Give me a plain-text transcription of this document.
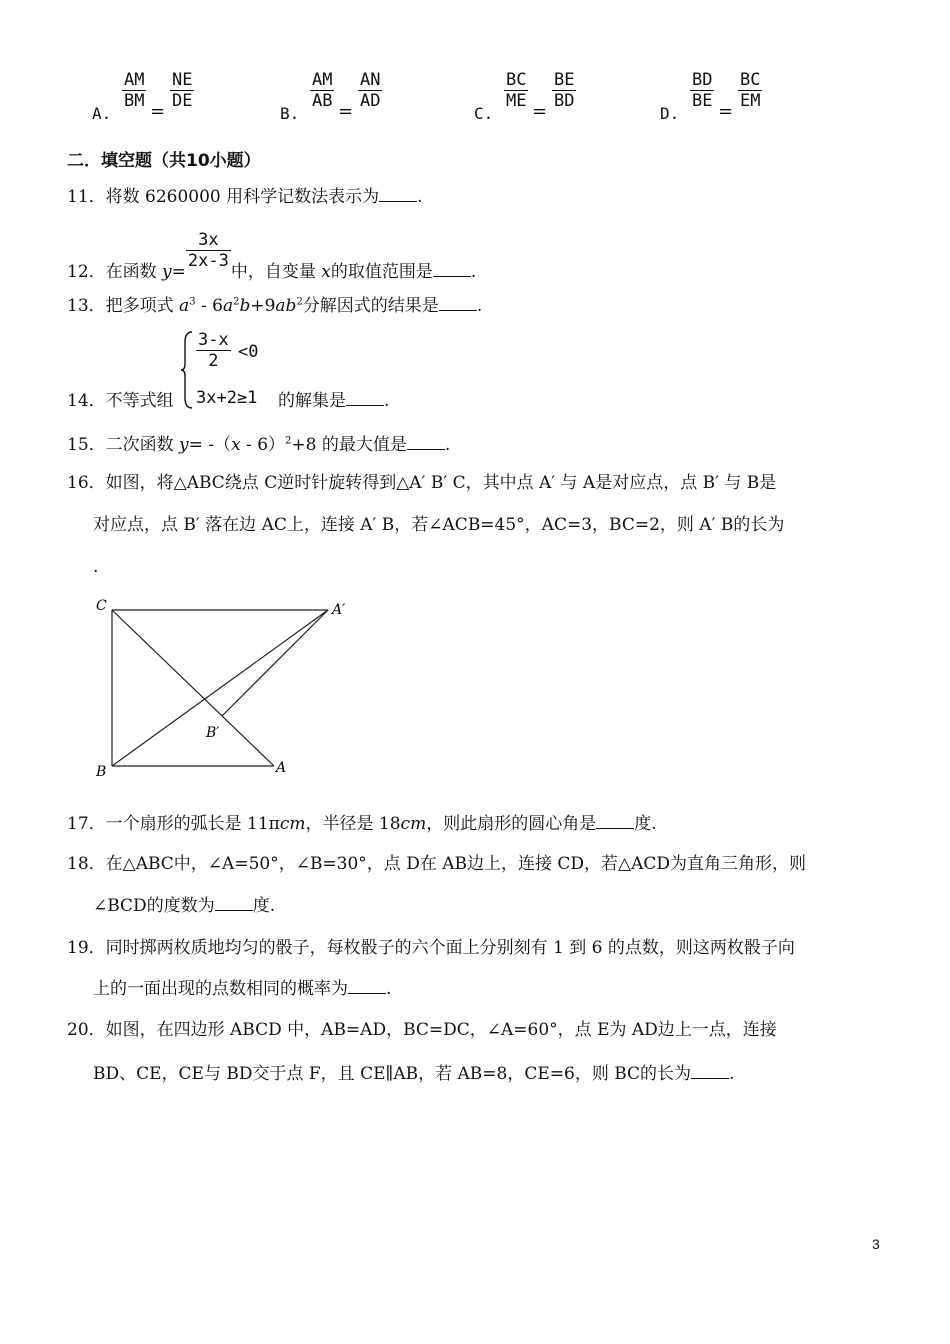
A.
$\frac{AM}{BM}$
=
$\frac{NE}{DE}$
B.
$\frac{AM}{AB}$
=
$\frac{AN}{AD}$
C.
$\frac{BC}{ME}$
=
$\frac{BE}{BD}$
D.
$\frac{BD}{BE}$
=
$\frac{BC}{EM}$
二．填空题（共10小题）
11．将数 6260000 用科学记数法表示为 .
12．在函数 y=
$\frac{3x}{2x-3}$
中，自变量 x的取值范围是 .
13．把多项式 $a^3 - 6a^2b+9ab^2$分解因式的结果是 .
14．不等式组
$\frac{3-x}{2} <0$
3x+2≥1 的解集是 .
15．二次函数 y= -（x - 6）$^2$+8 的最大值是 .
16．如图，将△ABC绕点 C逆时针旋转得到△A′ B′ C，其中点 A′ 与 A是对应点，点 B′ 与 B是
对应点，点 B′ 落在边 AC上，连接 A′ B，若∠ACB=45°，AC=3，BC=2，则 A′ B的长为
.
C	A′
B′
B	A
17．一个扇形的弧长是 11πcm，半径是 18cm，则此扇形的圆心角是 度.
18．在△ABC中，∠A=50°，∠B=30°，点 D在 AB边上，连接 CD，若△ACD为直角三角形，则
∠BCD的度数为 度.
19．同时掷两枚质地均匀的骰子，每枚骰子的六个面上分别刻有 1 到 6 的点数，则这两枚骰子向
上的一面出现的点数相同的概率为 .
20．如图，在四边形 ABCD 中，AB=AD，BC=DC，∠A=60°，点 E为 AD边上一点，连接
BD、CE，CE与 BD交于点 F，且 CE∥AB，若 AB=8，CE=6，则 BC的长为 .
3
